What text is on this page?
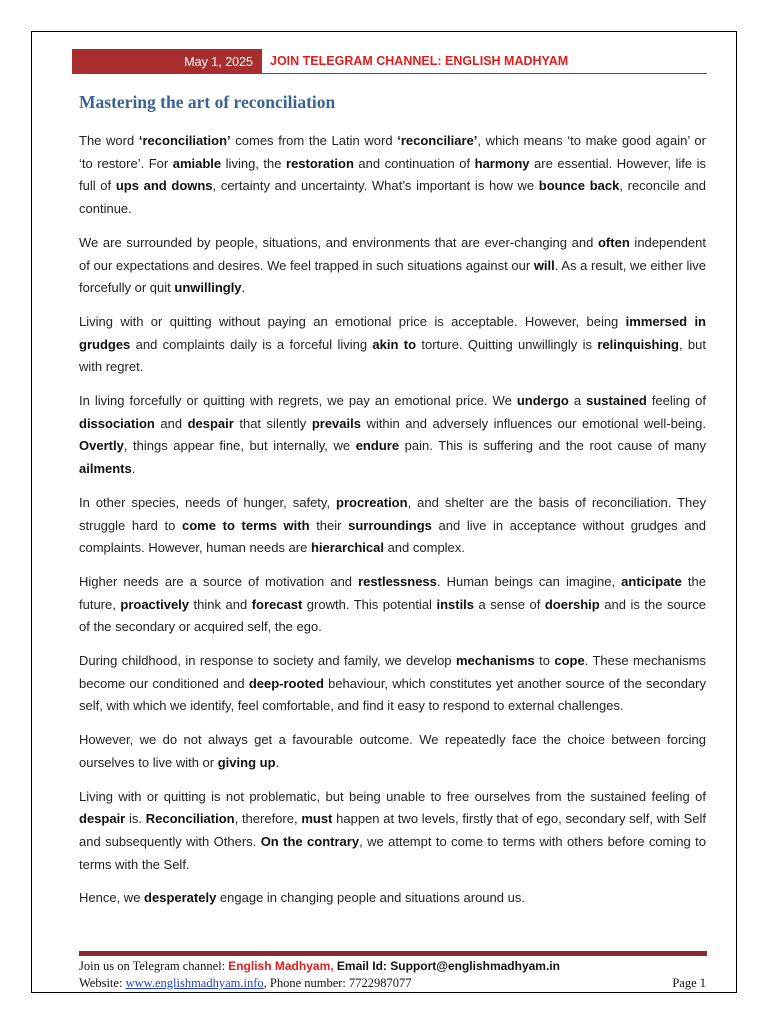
May 1, 2025 JOIN TELEGRAM CHANNEL: ENGLISH MADHYAM
Mastering the art of reconciliation

The word ‘reconciliation’ comes from the Latin word ‘reconciliare’, which means ‘to make good again’ or ‘to restore’. For amiable living, the restoration and continuation of harmony are essential. However, life is full of ups and downs, certainty and uncertainty. What’s important is how we bounce back, reconcile and continue.

We are surrounded by people, situations, and environments that are ever-changing and often independent of our expectations and desires. We feel trapped in such situations against our will. As a result, we either live forcefully or quit unwillingly.

Living with or quitting without paying an emotional price is acceptable. However, being immersed in grudges and complaints daily is a forceful living akin to torture. Quitting unwillingly is relinquishing, but with regret.

In living forcefully or quitting with regrets, we pay an emotional price. We undergo a sustained feeling of dissociation and despair that silently prevails within and adversely influences our emotional well-being. Overtly, things appear fine, but internally, we endure pain. This is suffering and the root cause of many ailments.

In other species, needs of hunger, safety, procreation, and shelter are the basis of reconciliation. They struggle hard to come to terms with their surroundings and live in acceptance without grudges and complaints. However, human needs are hierarchical and complex.

Higher needs are a source of motivation and restlessness. Human beings can imagine, anticipate the future, proactively think and forecast growth. This potential instils a sense of doership and is the source of the secondary or acquired self, the ego.

During childhood, in response to society and family, we develop mechanisms to cope. These mechanisms become our conditioned and deep-rooted behaviour, which constitutes yet another source of the secondary self, with which we identify, feel comfortable, and find it easy to respond to external challenges.

However, we do not always get a favourable outcome. We repeatedly face the choice between forcing ourselves to live with or giving up.

Living with or quitting is not problematic, but being unable to free ourselves from the sustained feeling of despair is. Reconciliation, therefore, must happen at two levels, firstly that of ego, secondary self, with Self and subsequently with Others. On the contrary, we attempt to come to terms with others before coming to terms with the Self.

Hence, we desperately engage in changing people and situations around us.

Join us on Telegram channel: English Madhyam, Email Id: Support@englishmadhyam.in
Website: www.englishmadhyam.info, Phone number: 7722987077	Page 1
